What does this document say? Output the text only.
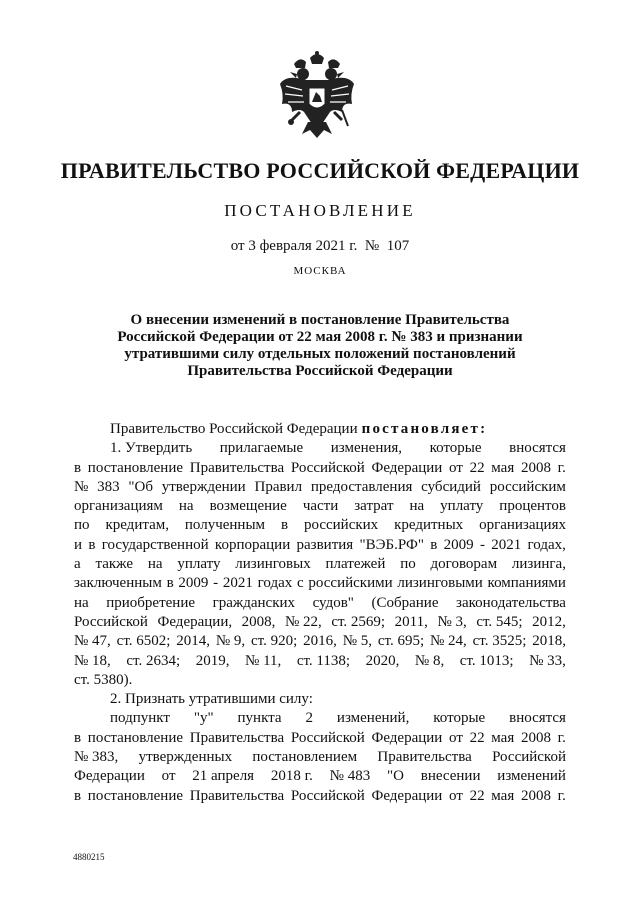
ПРАВИТЕЛЬСТВО РОССИЙСКОЙ ФЕДЕРАЦИИ
ПОСТАНОВЛЕНИЕ
от 3 февраля 2021 г.  №  107
МОСКВА
О внесении изменений в постановление Правительства
Российской Федерации от 22 мая 2008 г. № 383 и признании
утратившими силу отдельных положений постановлений
Правительства Российской Федерации
Правительство Российской Федерации постановляет:
1. Утвердить прилагаемые изменения, которые вносятся
в постановление Правительства Российской Федерации от 22 мая 2008 г.
№ 383 "Об утверждении Правил предоставления субсидий российским
организациям на возмещение части затрат на уплату процентов
по кредитам, полученным в российских кредитных организациях
и в государственной корпорации развития "ВЭБ.РФ" в 2009 - 2021 годах,
а также на уплату лизинговых платежей по договорам лизинга,
заключенным в 2009 - 2021 годах с российскими лизинговыми компаниями
на приобретение гражданских судов" (Собрание законодательства
Российской Федерации, 2008, № 22, ст. 2569; 2011, № 3, ст. 545; 2012,
№ 47, ст. 6502; 2014, № 9, ст. 920; 2016, № 5, ст. 695; № 24, ст. 3525; 2018,
№ 18, ст. 2634; 2019, № 11, ст. 1138; 2020, № 8, ст. 1013; № 33,
ст. 5380).
2. Признать утратившими силу:
подпункт "у" пункта 2 изменений, которые вносятся
в постановление Правительства Российской Федерации от 22 мая 2008 г.
№ 383, утвержденных постановлением Правительства Российской
Федерации от 21 апреля 2018 г. № 483 "О внесении изменений
в постановление Правительства Российской Федерации от 22 мая 2008 г.
4880215
